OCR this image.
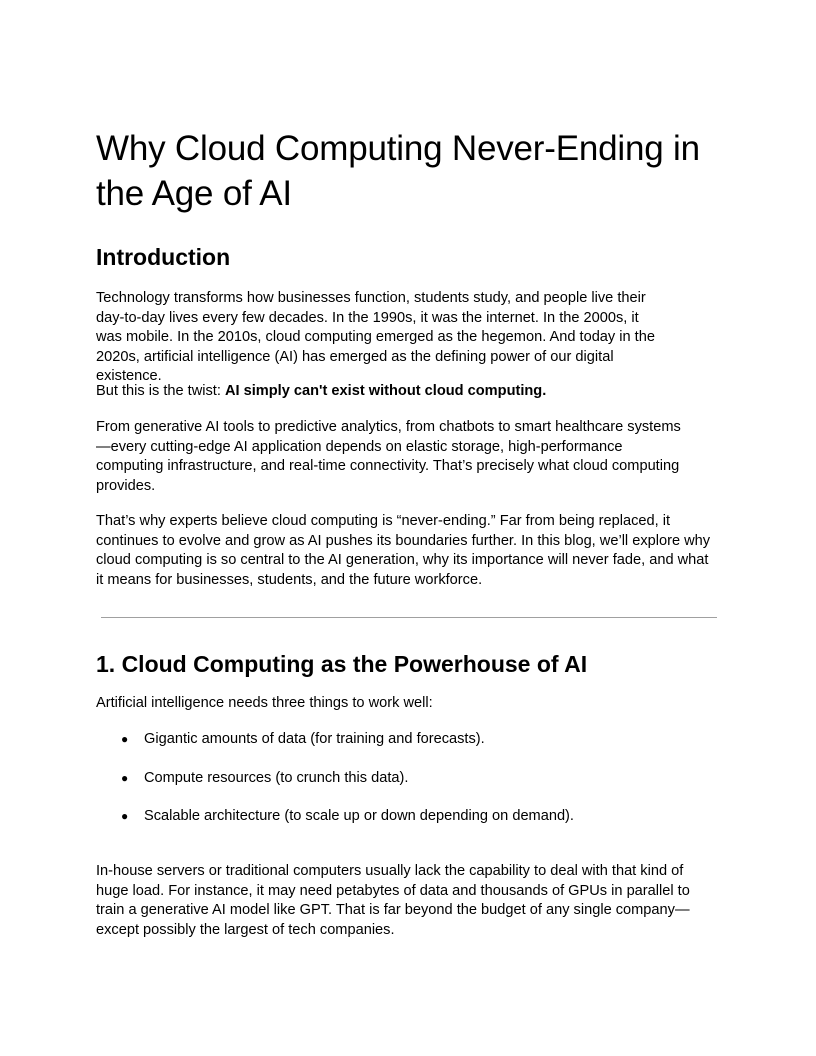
Why Cloud Computing Never-Ending in the Age of AI
Introduction

Technology transforms how businesses function, students study, and people live their day-to-day lives every few decades. In the 1990s, it was the internet. In the 2000s, it was mobile. In the 2010s, cloud computing emerged as the hegemon. And today in the 2020s, artificial intelligence (AI) has emerged as the defining power of our digital existence.

But this is the twist: AI simply can't exist without cloud computing.

From generative AI tools to predictive analytics, from chatbots to smart healthcare systems—every cutting-edge AI application depends on elastic storage, high-performance computing infrastructure, and real-time connectivity. That’s precisely what cloud computing provides.

That’s why experts believe cloud computing is “never-ending.” Far from being replaced, it continues to evolve and grow as AI pushes its boundaries further. In this blog, we’ll explore why cloud computing is so central to the AI generation, why its importance will never fade, and what it means for businesses, students, and the future workforce.

1. Cloud Computing as the Powerhouse of AI

Artificial intelligence needs three things to work well:

● Gigantic amounts of data (for training and forecasts).
● Compute resources (to crunch this data).
● Scalable architecture (to scale up or down depending on demand).

In-house servers or traditional computers usually lack the capability to deal with that kind of huge load. For instance, it may need petabytes of data and thousands of GPUs in parallel to train a generative AI model like GPT. That is far beyond the budget of any single company—except possibly the largest of tech companies.
